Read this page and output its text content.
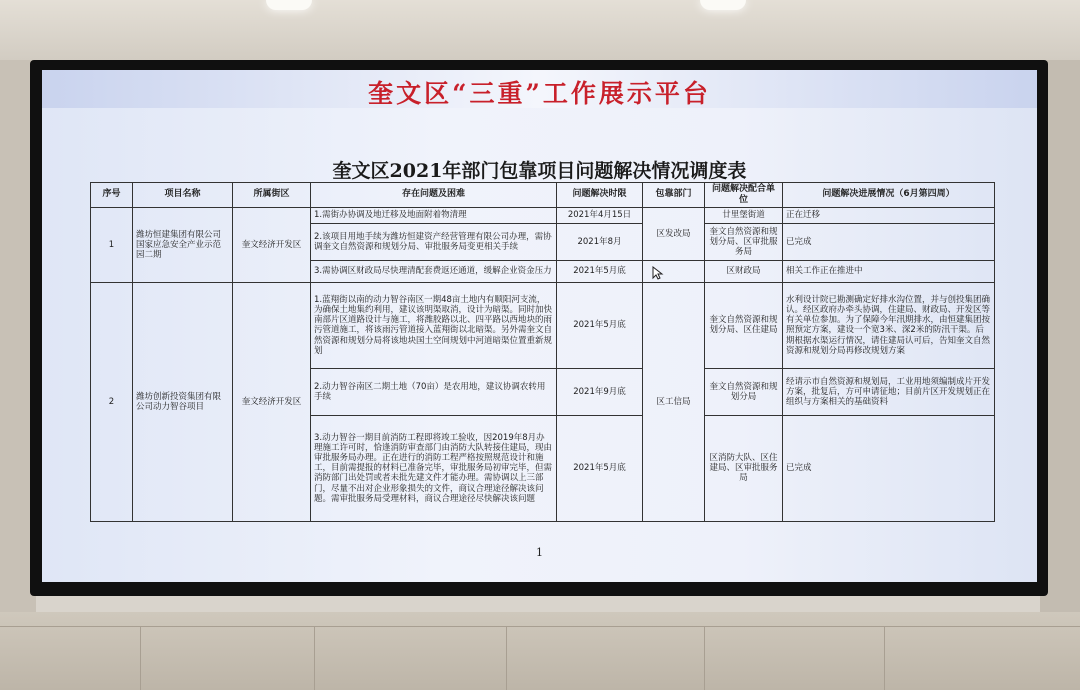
奎文区“三重”工作展示平台
奎文区2021年部门包靠项目问题解决情况调度表
序号	项目名称	所属街区	存在问题及困难	问题解决时限	包靠部门	问题解决配合单位	问题解决进展情况（6月第四周）
1	潍坊恒建集团有限公司国家应急安全产业示范园二期	奎文经济开发区	1.需街办协调及地迁移及地面附着物清理	2021年4月15日	区发改局	廿里堡街道	正在迁移
			2.该项目用地手续为潍坊恒建资产经营管理有限公司办理，需协调奎文自然资源和规划分局、审批服务局变更相关手续	2021年8月		奎文自然资源和规划分局、区审批服务局	已完成
			3.需协调区财政局尽快理清配套费返还通道，缓解企业资金压力	2021年5月底		区财政局	相关工作正在推进中
2	潍坊创新投资集团有限公司动力智谷项目	奎文经济开发区	1.蓝翔街以南的动力智谷南区一期48亩土地内有顺阳河支流，为确保土地集约利用，建议该明渠取消，设计为暗渠。同时加快南部片区道路设计与施工，将潍胶路以北、四平路以西地块的雨污管道施工，将该雨污管道接入蓝翔街以北暗渠。另外需奎文自然资源和规划分局将该地块国土空间规划中河道暗渠位置重新规划	2021年5月底	区工信局	奎文自然资源和规划分局、区住建局	水利设计院已勘测确定好排水沟位置，并与创投集团确认。经区政府办牵头协调，住建局、财政局、开发区等有关单位参加。为了保障今年汛期排水，由恒建集团按照预定方案，建设一个宽3米、深2米的防汛干渠。后期根据水渠运行情况，请住建局认可后，告知奎文自然资源和规划分局再修改规划方案
			2.动力智谷南区二期土地（70亩）是农用地，建议协调农转用手续	2021年9月底		奎文自然资源和规划分局	经请示市自然资源和规划局，工业用地须编制成片开发方案，批复后，方可申请征地；目前片区开发规划正在组织与方案相关的基础资料
			3.动力智谷一期目前消防工程即将竣工验收，因2019年8月办理施工许可时，恰逢消防审查部门由消防大队转接住建局，现由审批服务局办理。正在进行的消防工程严格按照规范设计和施工，目前需提报的材料已准备完毕，审批服务局初审完毕，但需消防部门出处罚或者未批先建文件才能办理。需协调以上三部门，尽量不出对企业形象损失的文件，商议合理途径解决该问题。需审批服务局受理材料，商议合理途径尽快解决该问题	2021年5月底		区消防大队、区住建局、区审批服务局	已完成
1
